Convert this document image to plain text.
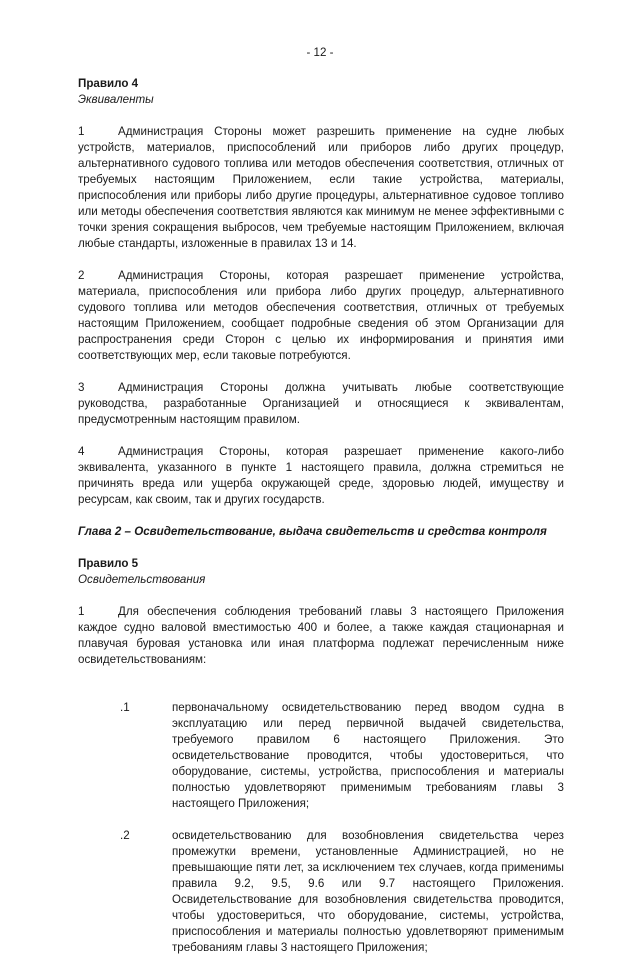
- 12 -

Правило 4

Эквиваленты

1	Администрация Стороны может разрешить применение на судне любых устройств, материалов, приспособлений или приборов либо других процедур, альтернативного судового топлива или методов обеспечения соответствия, отличных от требуемых настоящим Приложением, если такие устройства, материалы, приспособления или приборы либо другие процедуры, альтернативное судовое топливо или методы обеспечения соответствия являются как минимум не менее эффективными с точки зрения сокращения выбросов, чем требуемые настоящим Приложением, включая любые стандарты, изложенные в правилах 13 и 14.

2	Администрация Стороны, которая разрешает применение устройства, материала, приспособления или прибора либо других процедур, альтернативного судового топлива или методов обеспечения соответствия, отличных от требуемых настоящим Приложением, сообщает подробные сведения об этом Организации для распространения среди Сторон с целью их информирования и принятия ими соответствующих мер, если таковые потребуются.

3	Администрация Стороны должна учитывать любые соответствующие руководства, разработанные Организацией и относящиеся к эквивалентам, предусмотренным настоящим правилом.

4	Администрация Стороны, которая разрешает применение какого-либо эквивалента, указанного в пункте 1 настоящего правила, должна стремиться не причинять вреда или ущерба окружающей среде, здоровью людей, имуществу и ресурсам, как своим, так и других государств.

Глава 2 – Освидетельствование, выдача свидетельств и средства контроля

Правило 5

Освидетельствования

1	Для обеспечения соблюдения требований главы 3 настоящего Приложения каждое судно валовой вместимостью 400 и более, а также каждая стационарная и плавучая буровая установка или иная платформа подлежат перечисленным ниже освидетельствованиям:

.1	первоначальному освидетельствованию перед вводом судна в эксплуатацию или перед первичной выдачей свидетельства, требуемого правилом 6 настоящего Приложения. Это освидетельствование проводится, чтобы удостовериться, что оборудование, системы, устройства, приспособления и материалы полностью удовлетворяют применимым требованиям главы 3 настоящего Приложения;

.2	освидетельствованию для возобновления свидетельства через промежутки времени, установленные Администрацией, но не превышающие пяти лет, за исключением тех случаев, когда применимы правила 9.2, 9.5, 9.6 или 9.7 настоящего Приложения. Освидетельствование для возобновления свидетельства проводится, чтобы удостовериться, что оборудование, системы, устройства, приспособления и материалы полностью удовлетворяют применимым требованиям главы 3 настоящего Приложения;
